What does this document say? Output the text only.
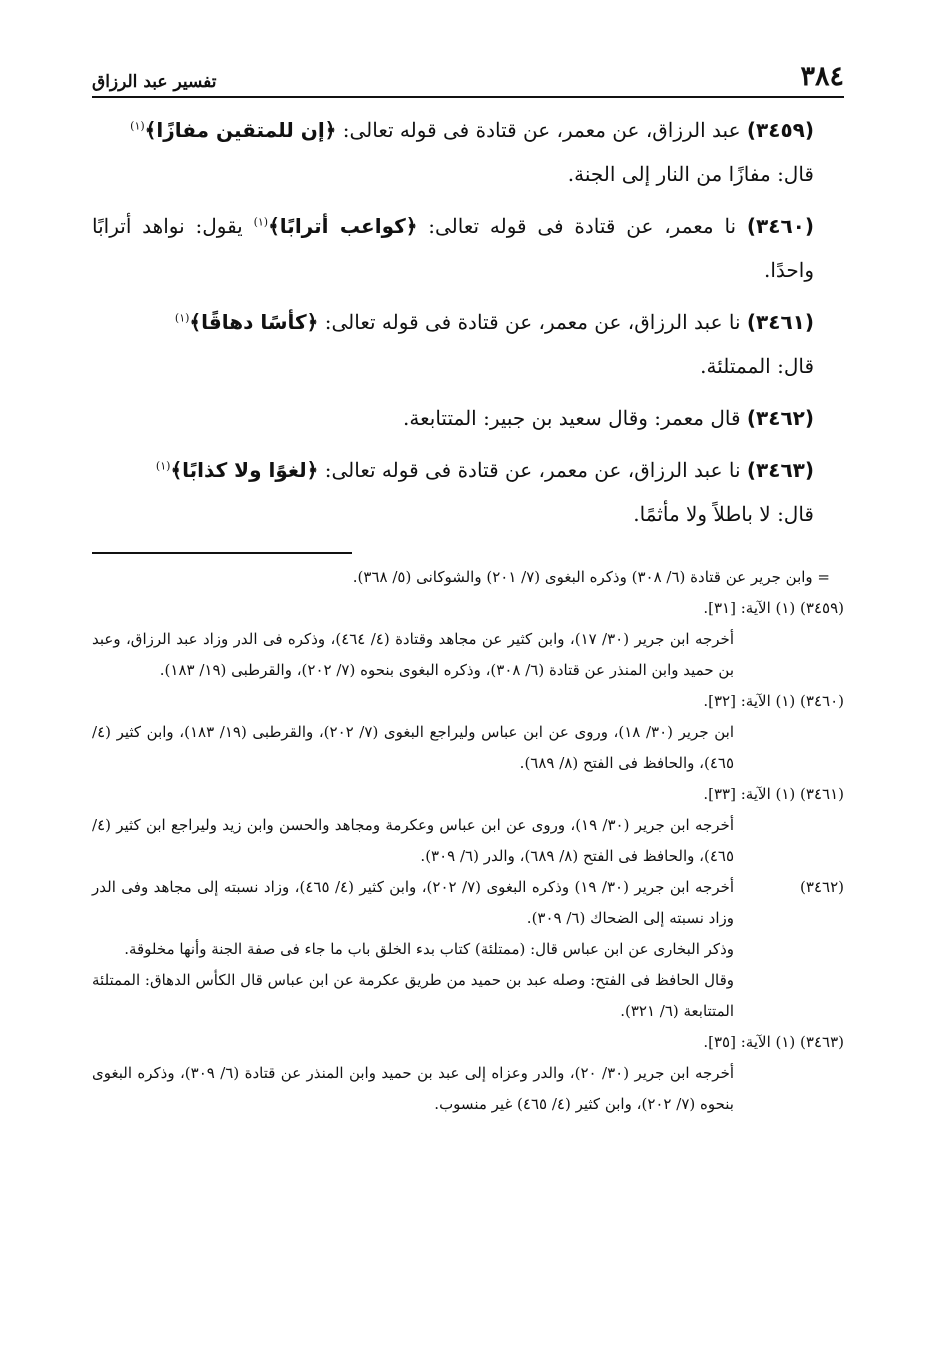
٣٨٤
تفسير عبد الرزاق

(٣٤٥٩) عبد الرزاق، عن معمر، عن قتادة فى قوله تعالى: ﴿إن للمتقين مفازًا﴾$^{(١)}$
قال: مفازًا من النار إلى الجنة.

(٣٤٦٠) نا معمر، عن قتادة فى قوله تعالى: ﴿كواعب أترابًا﴾$^{(١)}$ يقول: نواهد أترابًا واحدًا.

(٣٤٦١) نا عبد الرزاق، عن معمر، عن قتادة فى قوله تعالى: ﴿كأسًا دهاقًا﴾$^{(١)}$
قال: الممتلئة.

(٣٤٦٢) قال معمر: وقال سعيد بن جبير: المتتابعة.

(٣٤٦٣) نا عبد الرزاق، عن معمر، عن قتادة فى قوله تعالى: ﴿لغوًا ولا كذابًا﴾$^{(١)}$
قال: لا باطلاً ولا مأثمًا.

= وابن جرير عن قتادة (٦/ ٣٠٨) وذكره البغوى (٧/ ٢٠١) والشوكانى (٥/ ٣٦٨).

(٣٤٥٩) (١) الآية: [٣١].

أخرجه ابن جرير (٣٠/ ١٧)، وابن كثير عن مجاهد وقتادة (٤/ ٤٦٤)، وذكره فى الدر وزاد عبد الرزاق، وعبد بن حميد وابن المنذر عن قتادة (٦/ ٣٠٨)، وذكره البغوى بنحوه (٧/ ٢٠٢)، والقرطبى (١٩/ ١٨٣).

(٣٤٦٠) (١) الآية: [٣٢].

ابن جرير (٣٠/ ١٨)، وروى عن ابن عباس وليراجع البغوى (٧/ ٢٠٢)، والقرطبى (١٩/ ١٨٣)، وابن كثير (٤/ ٤٦٥)، والحافظ فى الفتح (٨/ ٦٨٩).

(٣٤٦١) (١) الآية: [٣٣].

أخرجه ابن جرير (٣٠/ ١٩)، وروى عن ابن عباس وعكرمة ومجاهد والحسن وابن زيد وليراجع ابن كثير (٤/ ٤٦٥)، والحافظ فى الفتح (٨/ ٦٨٩)، والدر (٦/ ٣٠٩).

(٣٤٦٢)
أخرجه ابن جرير (٣٠/ ١٩) وذكره البغوى (٧/ ٢٠٢)، وابن كثير (٤/ ٤٦٥)، وزاد نسبته إلى مجاهد وفى الدر وزاد نسبته إلى الضحاك (٦/ ٣٠٩).

وذكر البخارى عن ابن عباس قال: (ممتلئة) كتاب بدء الخلق باب ما جاء فى صفة الجنة وأنها مخلوقة.

وقال الحافظ فى الفتح: وصله عبد بن حميد من طريق عكرمة عن ابن عباس قال الكأس الدهاق: الممتلئة المتتابعة (٦/ ٣٢١).

(٣٤٦٣) (١) الآية: [٣٥].

أخرجه ابن جرير (٣٠/ ٢٠)، والدر وعزاه إلى عبد بن حميد وابن المنذر عن قتادة (٦/ ٣٠٩)، وذكره البغوى بنحوه (٧/ ٢٠٢)، وابن كثير (٤/ ٤٦٥) غير منسوب.
